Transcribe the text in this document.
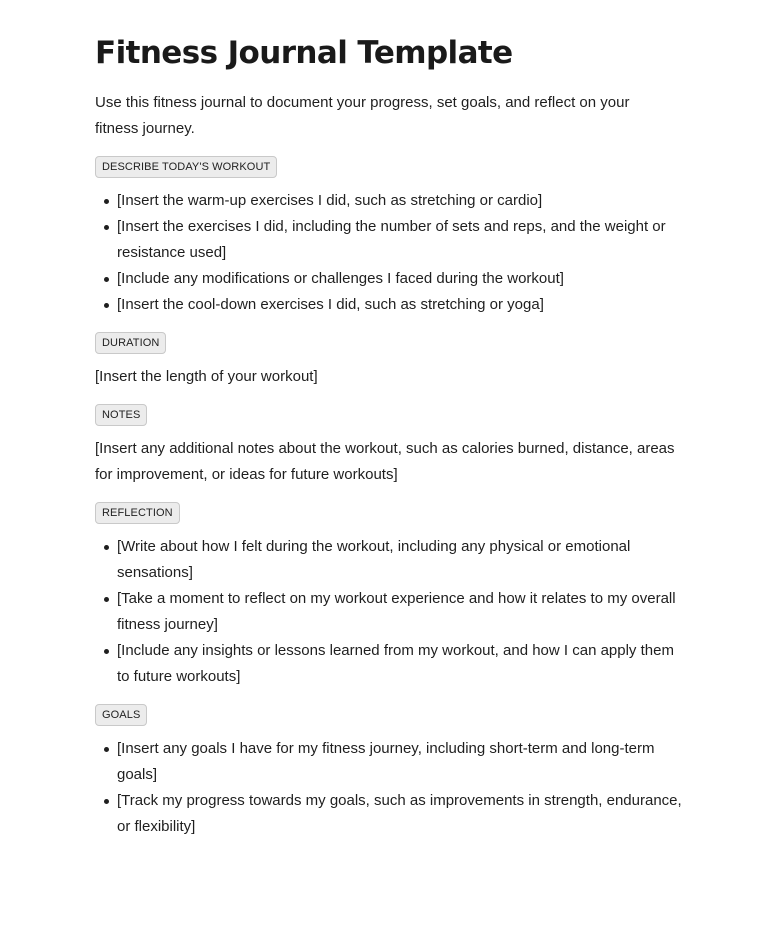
Fitness Journal Template

Use this fitness journal to document your progress, set goals, and reflect on your fitness journey.

DESCRIBE TODAY'S WORKOUT
[Insert the warm-up exercises I did, such as stretching or cardio]
[Insert the exercises I did, including the number of sets and reps, and the weight or resistance used]
[Include any modifications or challenges I faced during the workout]
[Insert the cool-down exercises I did, such as stretching or yoga]
DURATION

[Insert the length of your workout]

NOTES

[Insert any additional notes about the workout, such as calories burned, distance, areas for improvement, or ideas for future workouts]

REFLECTION
[Write about how I felt during the workout, including any physical or emotional sensations]
[Take a moment to reflect on my workout experience and how it relates to my overall fitness journey]
[Include any insights or lessons learned from my workout, and how I can apply them to future workouts]
GOALS
[Insert any goals I have for my fitness journey, including short-term and long-term goals]
[Track my progress towards my goals, such as improvements in strength, endurance, or flexibility]
